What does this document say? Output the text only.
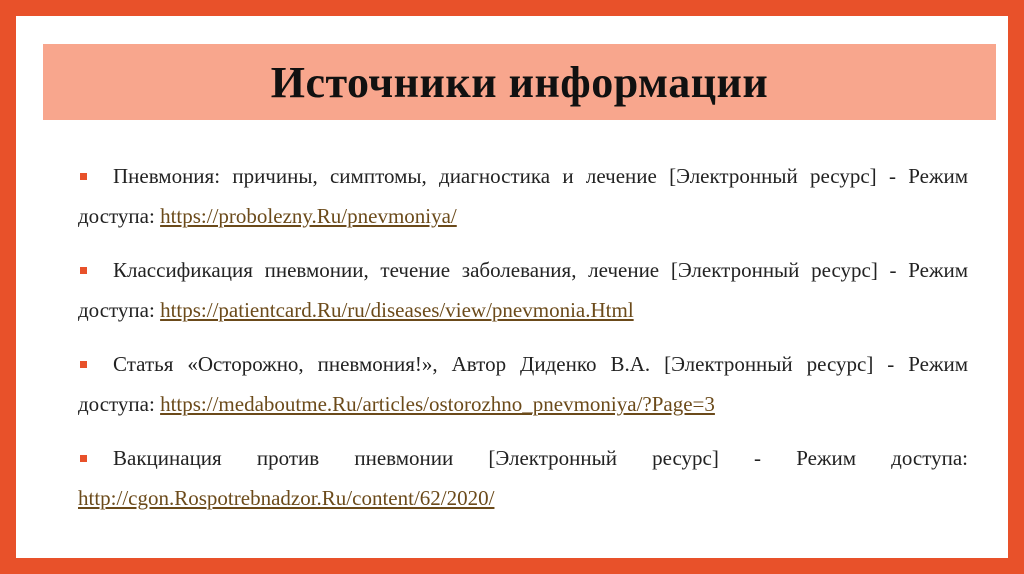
Источники информации
Пневмония: причины, симптомы, диагностика и лечение [Электронный ресурс] - Режим доступа: https://probolezny.Ru/pnevmoniya/
Классификация пневмонии, течение заболевания, лечение [Электронный ресурс] - Режим доступа: https://patientcard.Ru/ru/diseases/view/pnevmonia.Html
Статья «Осторожно, пневмония!», Автор Диденко В.А. [Электронный ресурс] - Режим доступа: https://medaboutme.Ru/articles/ostorozhno_pnevmoniya/?Page=3
Вакцинация против пневмонии [Электронный ресурс] - Режим доступа: http://cgon.Rospotrebnadzor.Ru/content/62/2020/
